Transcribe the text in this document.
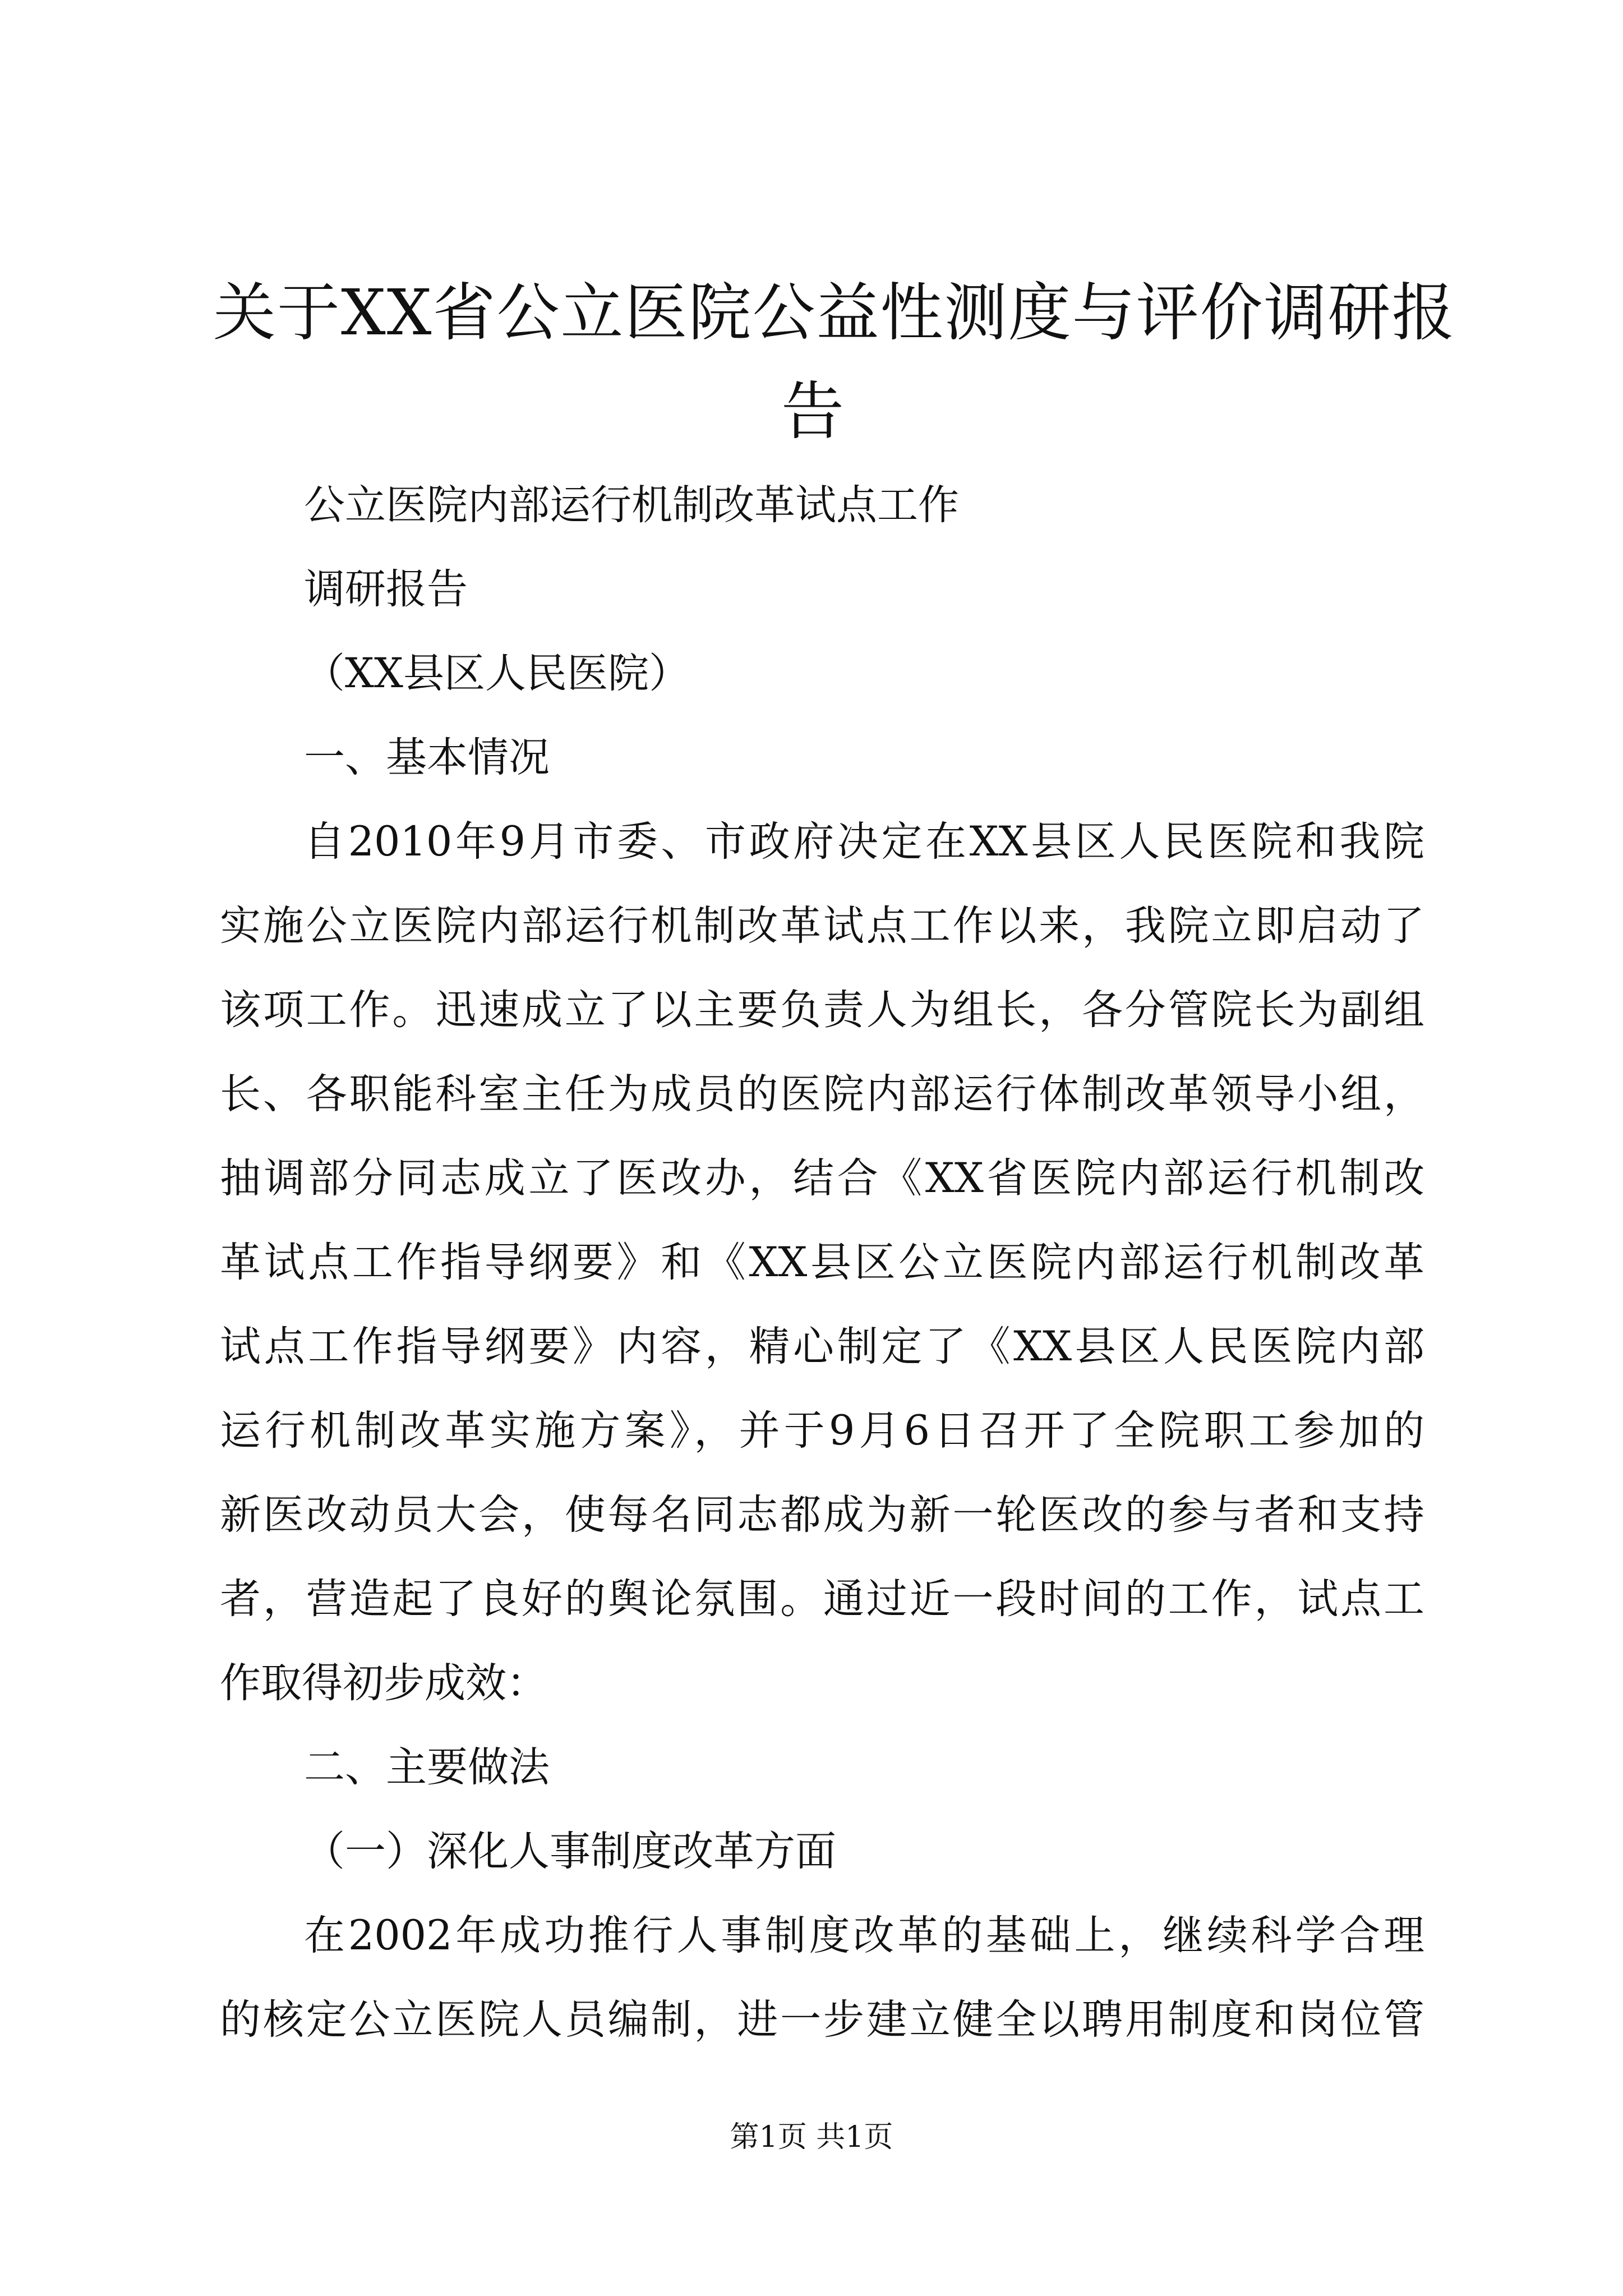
关于XX省公立医院公益性测度与评价调研报
告
公立医院内部运行机制改革试点工作
调研报告
（XX县区人民医院）
一、基本情况
自2010年9月市委、市政府决定在XX县区人民医院和我院
实施公立医院内部运行机制改革试点工作以来，我院立即启动了
该项工作。迅速成立了以主要负责人为组长，各分管院长为副组
长、各职能科室主任为成员的医院内部运行体制改革领导小组，
抽调部分同志成立了医改办，结合《XX省医院内部运行机制改
革试点工作指导纲要》和《XX县区公立医院内部运行机制改革
试点工作指导纲要》内容，精心制定了《XX县区人民医院内部
运行机制改革实施方案》，并于9月6日召开了全院职工参加的
新医改动员大会，使每名同志都成为新一轮医改的参与者和支持
者，营造起了良好的舆论氛围。通过近一段时间的工作，试点工
作取得初步成效：
二、主要做法
（一）深化人事制度改革方面
在2002年成功推行人事制度改革的基础上，继续科学合理
的核定公立医院人员编制，进一步建立健全以聘用制度和岗位管
第1页 共1页
